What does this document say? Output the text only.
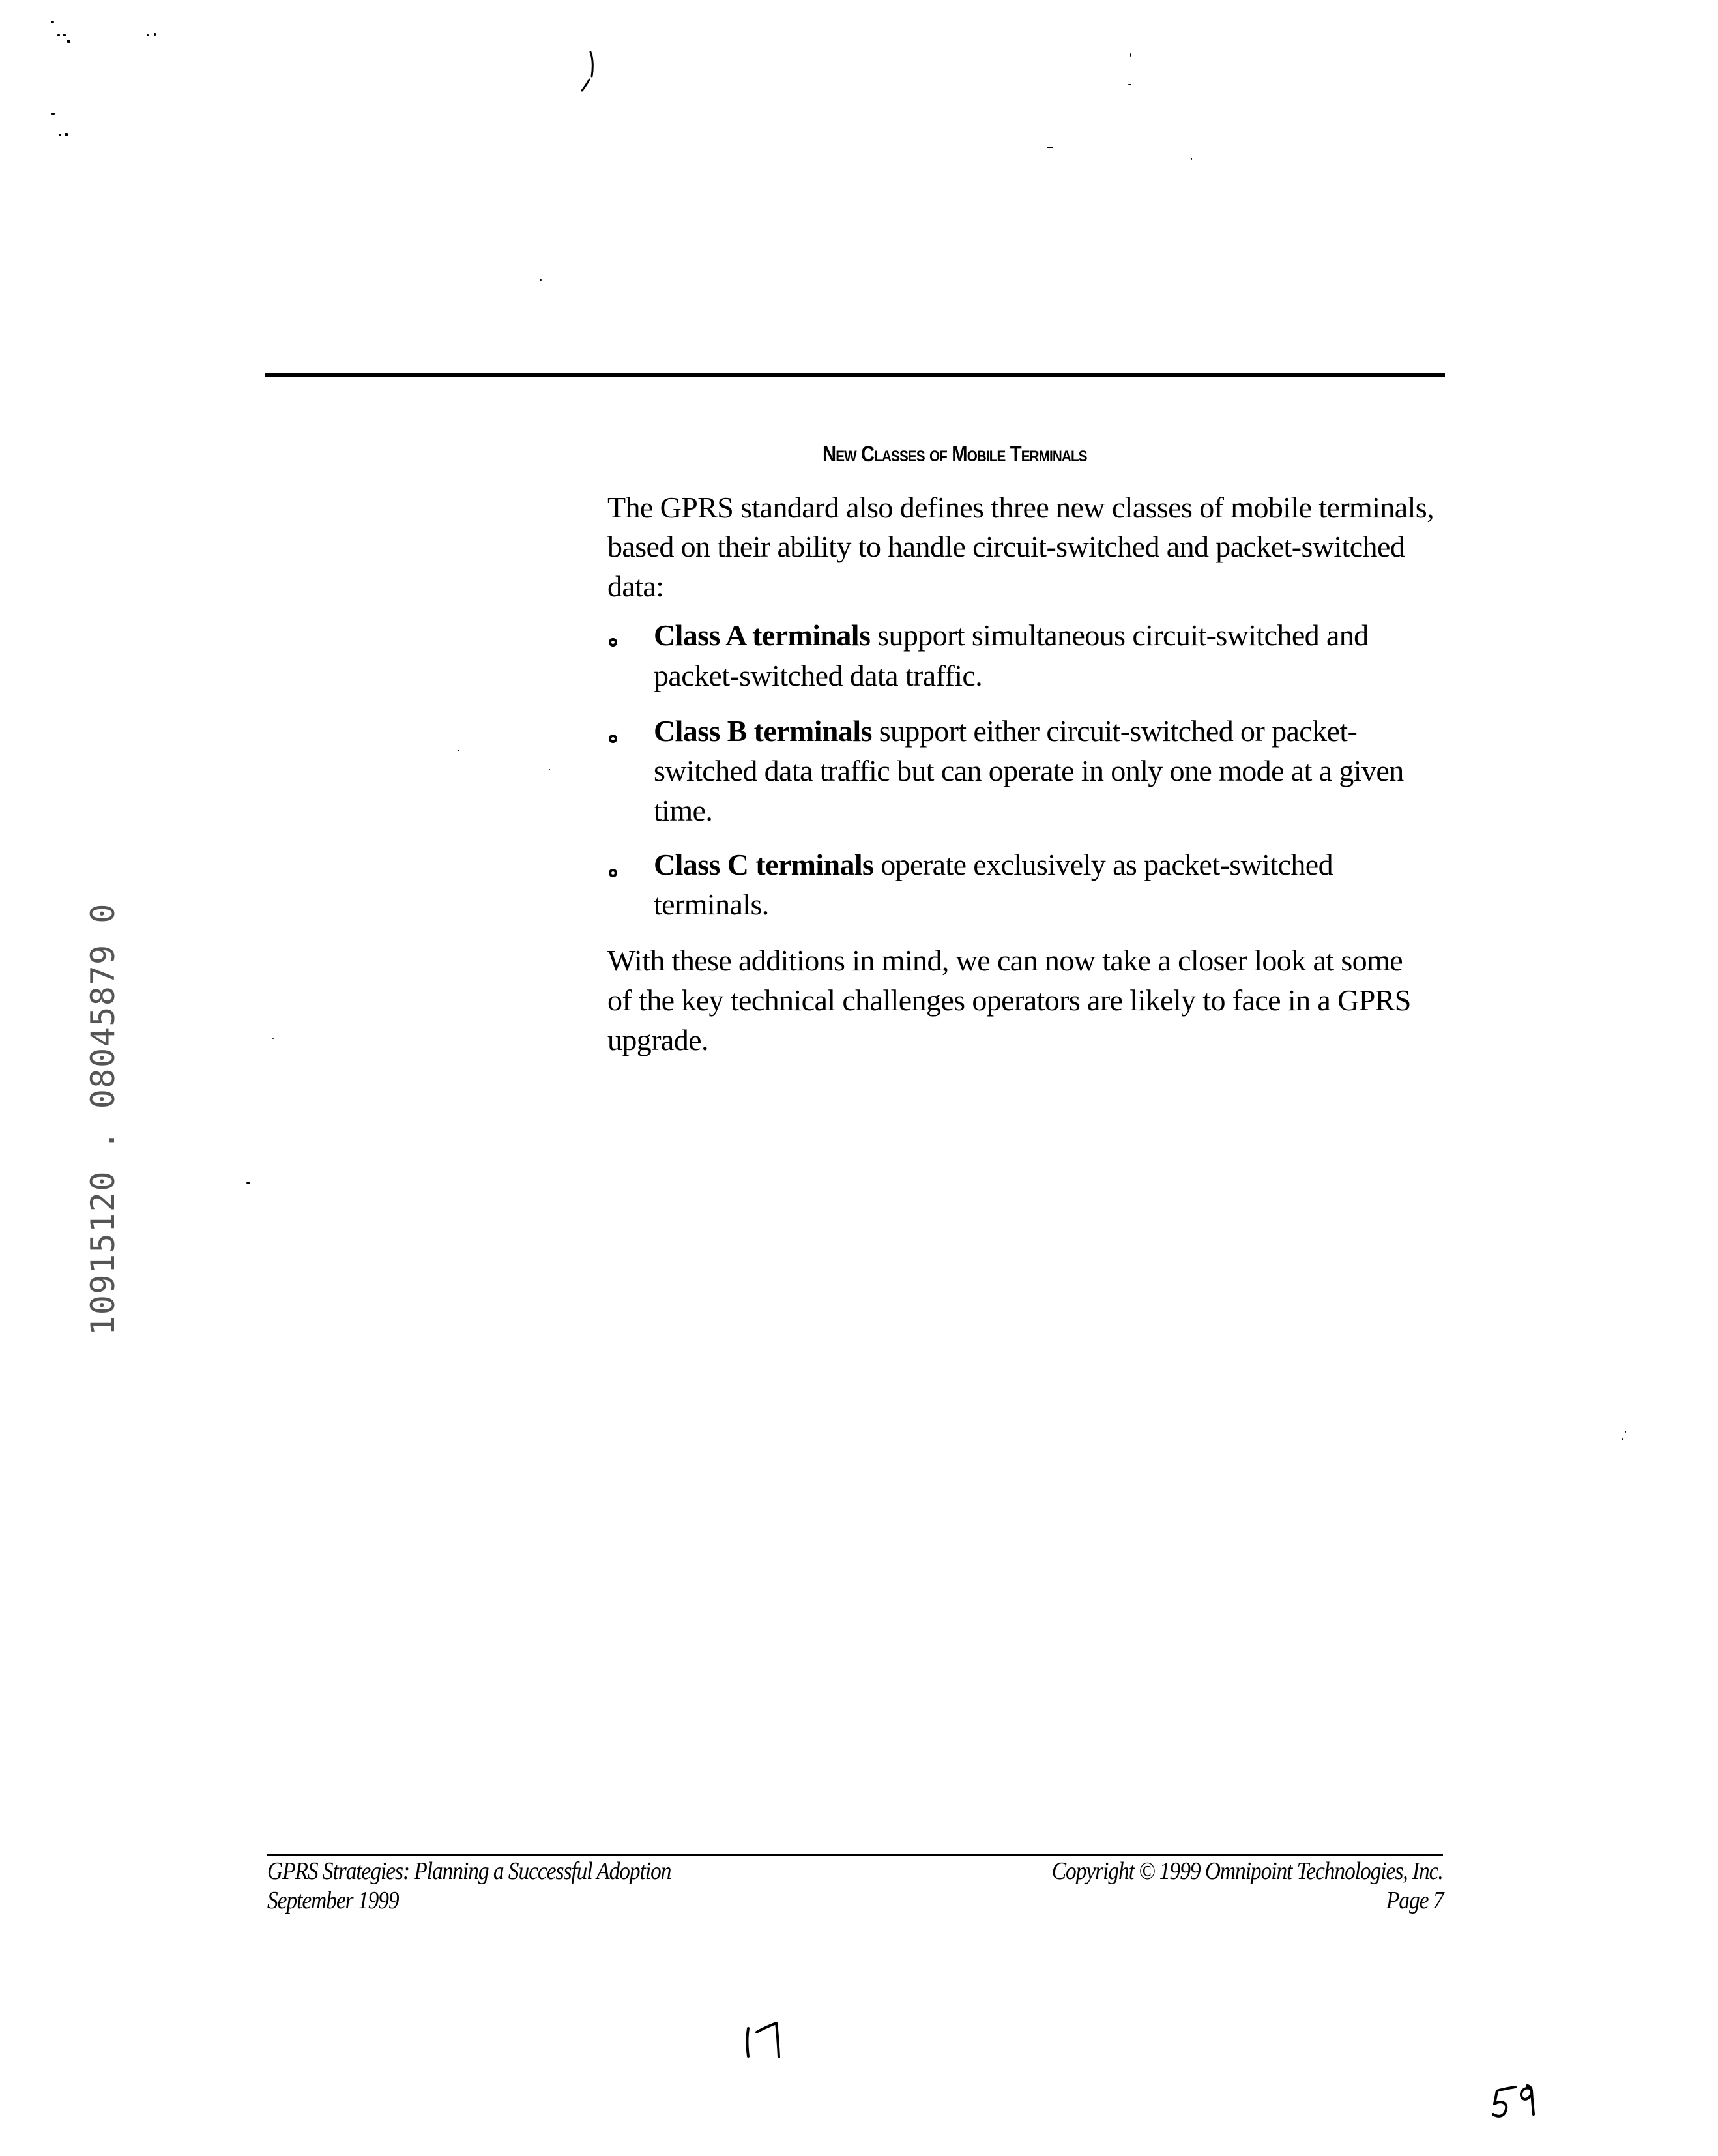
New Classes of Mobile Terminals
The GPRS standard also defines three new classes of mobile terminals,
based on their ability to handle circuit-switched and packet-switched
data:
Class A terminals support simultaneous circuit-switched and
packet-switched data traffic.
Class B terminals support either circuit-switched or packet-
switched data traffic but can operate in only one mode at a given
time.
Class C terminals operate exclusively as packet-switched
terminals.
With these additions in mind, we can now take a closer look at some
of the key technical challenges operators are likely to face in a GPRS
upgrade.
10915120 . 08045879 0
GPRS Strategies: Planning a Successful Adoption
September 1999
Copyright © 1999 Omnipoint Technologies, Inc.
Page 7
